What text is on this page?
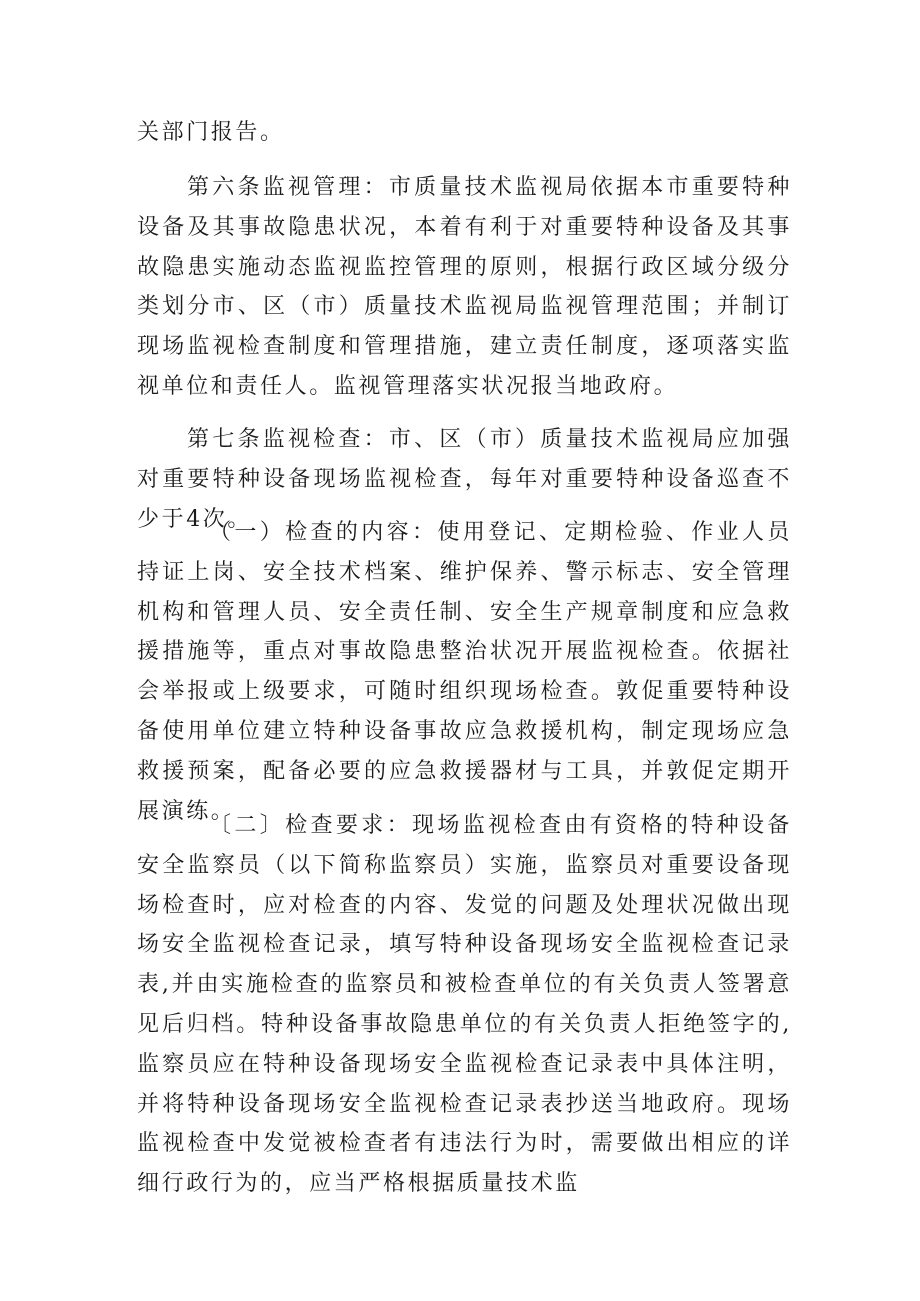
关部门报告。

第六条监视管理：市质量技术监视局依据本市重要特种设备及其事故隐患状况，本着有利于对重要特种设备及其事故隐患实施动态监视监控管理的原则，根据行政区域分级分类划分市、区（市）质量技术监视局监视管理范围；并制订现场监视检查制度和管理措施，建立责任制度，逐项落实监视单位和责任人。监视管理落实状况报当地政府。

第七条监视检查：市、区（市）质量技术监视局应加强对重要特种设备现场监视检查，每年对重要特种设备巡查不少于4次。

（一）检查的内容：使用登记、定期检验、作业人员持证上岗、安全技术档案、维护保养、警示标志、安全管理机构和管理人员、安全责任制、安全生产规章制度和应急救援措施等，重点对事故隐患整治状况开展监视检查。依据社会举报或上级要求，可随时组织现场检查。敦促重要特种设备使用单位建立特种设备事故应急救援机构，制定现场应急救援预案，配备必要的应急救援器材与工具，并敦促定期开展演练。

〔二〕检查要求：现场监视检查由有资格的特种设备安全监察员（以下简称监察员）实施，监察员对重要设备现场检查时，应对检查的内容、发觉的问题及处理状况做出现场安全监视检查记录，填写特种设备现场安全监视检查记录表,并由实施检查的监察员和被检查单位的有关负责人签署意见后归档。特种设备事故隐患单位的有关负责人拒绝签字的,监察员应在特种设备现场安全监视检查记录表中具体注明，并将特种设备现场安全监视检查记录表抄送当地政府。现场监视检查中发觉被检查者有违法行为时，需要做出相应的详细行政行为的，应当严格根据质量技术监
